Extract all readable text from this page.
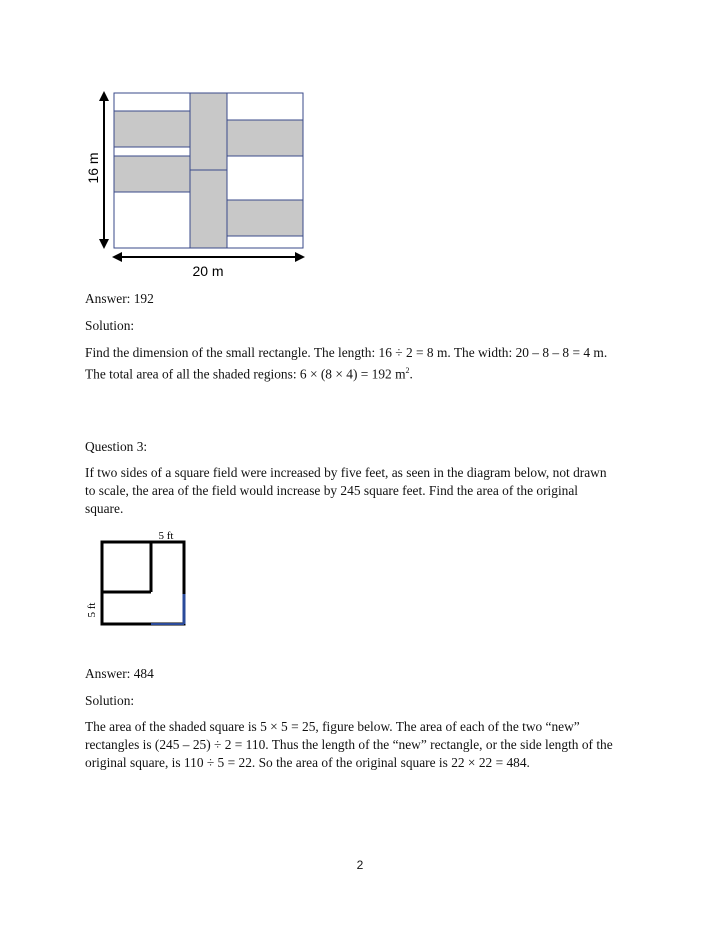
16 m
20 m

Answer: 192

Solution:

Find the dimension of the small rectangle. The length: 16 ÷ 2 = 8 m. The width: 20 – 8 – 8 = 4 m.

The total area of all the shaded regions: 6 × (8 × 4) = 192 $m^2$.

Question 3:

If two sides of a square field were increased by five feet, as seen in the diagram below, not drawn to scale, the area of the field would increase by 245 square feet. Find the area of the original square.

5 ft
5 ft

Answer: 484

Solution:

The area of the shaded square is 5 × 5 = 25, figure below. The area of each of the two “new” rectangles is (245 – 25) ÷ 2 = 110. Thus the length of the “new” rectangle, or the side length of the original square, is 110 ÷ 5 = 22. So the area of the original square is 22 × 22 = 484.

2
